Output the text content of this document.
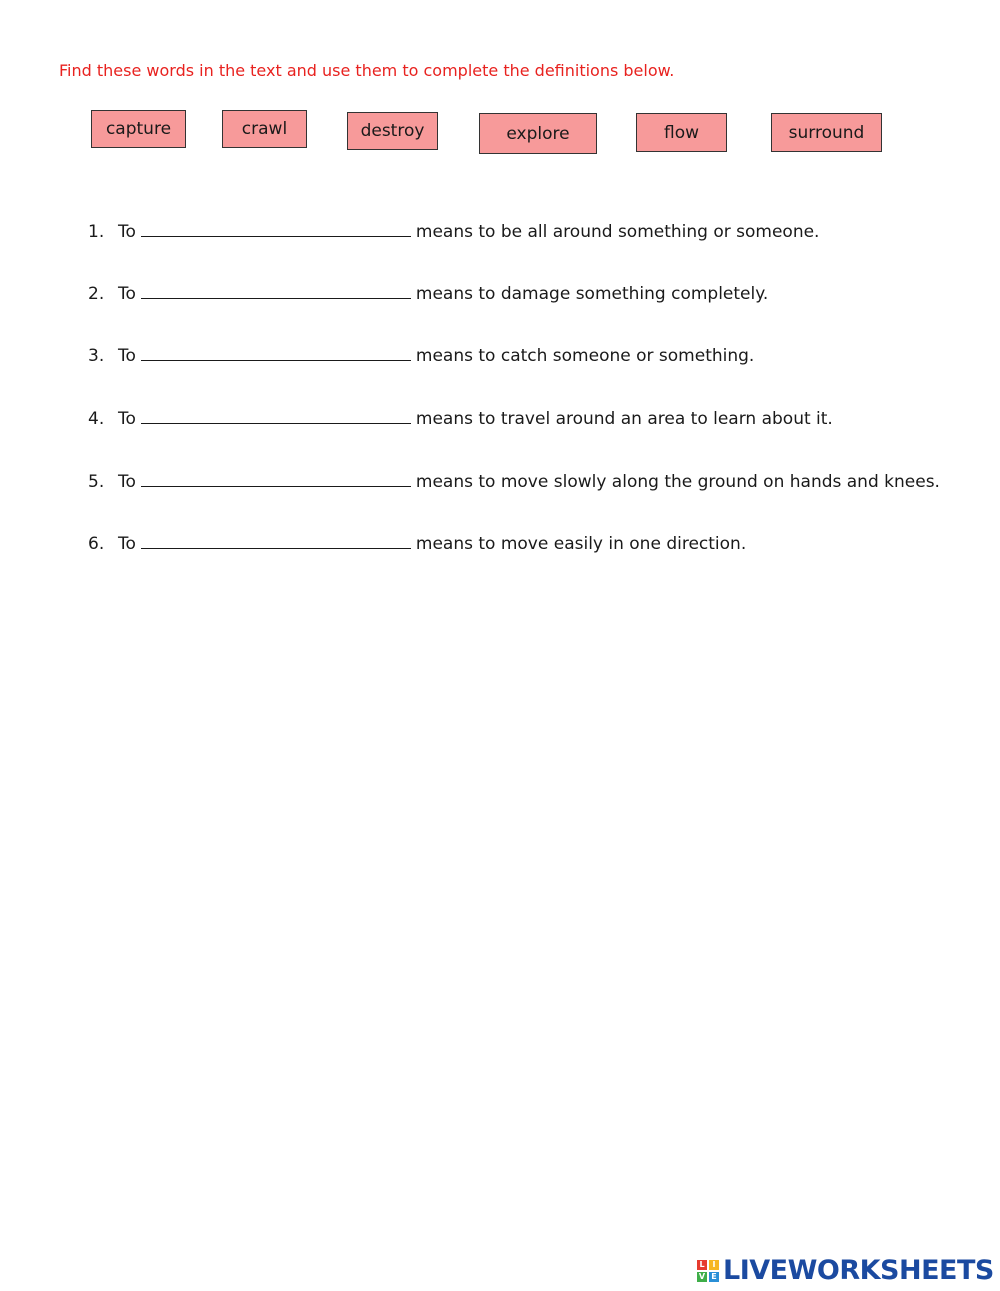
Find these words in the text and use them to complete the definitions below.
capture	crawl	destroy	explore	flow	surround
1. To	means to be all around something or someone.
2. To	means to damage something completely.
3. To	means to catch someone or something.
4. To	means to travel around an area to learn about it.
5. To	means to move slowly along the ground on hands and knees.
6. To	means to move easily in one direction.
L I
V E LIVEWORKSHEETS
